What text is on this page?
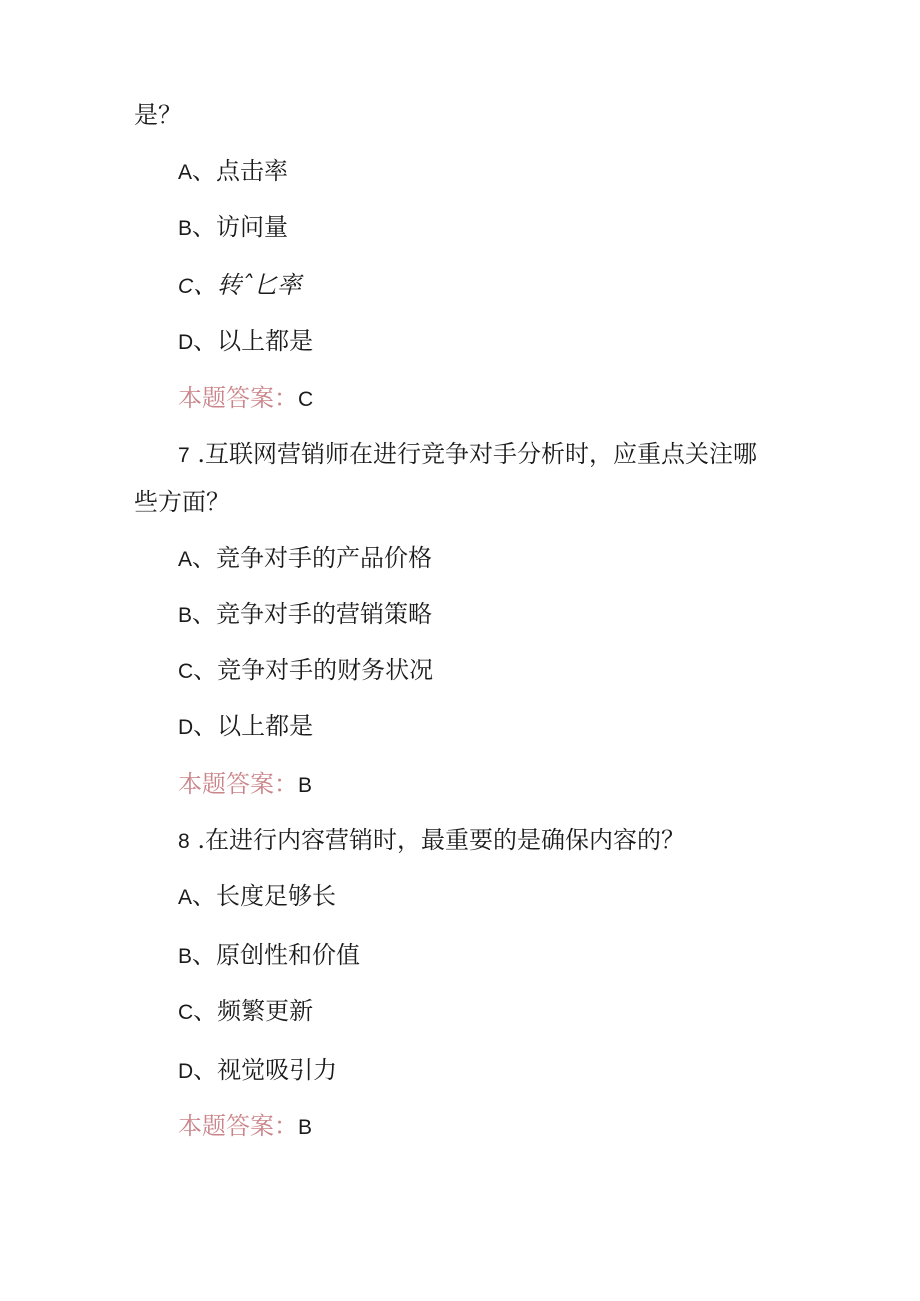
是？
A、点击率
B、访问量
C、转ˆ匕率
D、以上都是
本题答案：C
7 .互联网营销师在进行竞争对手分析时，应重点关注哪
些方面？
A、竞争对手的产品价格
B、竞争对手的营销策略
C、竞争对手的财务状况
D、以上都是
本题答案：B
8 .在进行内容营销时，最重要的是确保内容的？
A、长度足够长
B、原创性和价值
C、频繁更新
D、视觉吸引力
本题答案：B
